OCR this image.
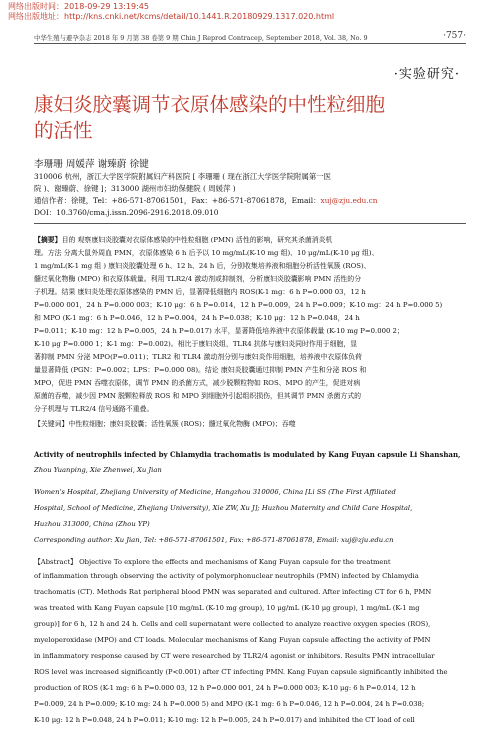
网络出版时间：2018-09-29 13:19:45
网络出版地址：http://kns.cnki.net/kcms/detail/10.1441.R.20180929.1317.020.html
中华生殖与避孕杂志 2018 年 9 月第 38 卷第 9 期 Chin J Reprod Contracep, September 2018, Vol. 38, No. 9	·757·
·实验研究·
康妇炎胶囊调节衣原体感染的中性粒细胞
的活性
李珊珊 周媛萍 谢臻蔚 徐键
310006 杭州，浙江大学医学院附属妇产科医院 [ 李珊珊 ( 现在浙江大学医学院附属第一医
院 )、谢臻蔚、徐键 ]；313000 湖州市妇幼保健院 ( 周媛萍 )
通信作者：徐键，Tel：+86-571-87061501，Fax：+86-571-87061878，Email：xuj@zju.edu.cn
DOI：10.3760/cma.j.issn.2096-2916.2018.09.010
【摘要】目的 观察康妇炎胶囊对衣原体感染的中性粒细胞 (PMN) 活性的影响，研究其杀菌消炎机
理。方法 分离大鼠外周血 PMN，衣原体感染 6 h 后予以 10 mg/mL(K-10 mg 组)、10 μg/mL(K-10 μg 组)、
1 mg/mL(K-1 mg 组 ) 康妇炎胶囊处理 6 h、12 h、24 h 后，分别收集培养液和细胞分析活性氧簇 (ROS)、
髓过氧化物酶 (MPO) 和衣原体载量。利用 TLR2/4 激动剂或抑制剂，分析康妇炎胶囊影响 PMN 活性的分
子机理。结果 康妇炎处理衣原体感染的 PMN 后，显著降低细胞内 ROS(K-1 mg：6 h P=0.000 03，12 h
P=0.000 001，24 h P=0.000 003；K-10 μg：6 h P=0.014，12 h P=0.009，24 h P=0.009；K-10 mg：24 h P=0.000 5)
和 MPO (K-1 mg：6 h P=0.046，12 h P=0.004，24 h P=0.038；K-10 μg：12 h P=0.048，24 h
P=0.011；K-10 mg：12 h P=0.005，24 h P=0.017) 水平，显著降低培养液中衣原体载量 (K-10 mg P=0.000 2；
K-10 μg P=0.000 1；K-1 mg：P=0.002)。相比于康妇炎组，TLR4 抗体与康妇炎同时作用于细胞，显
著抑制 PMN 分泌 MPO(P=0.011)；TLR2 和 TLR4 激动剂分别与康妇炎作用细胞，培养液中衣原体负荷
量显著降低 (PGN：P=0.002；LPS：P=0.000 08)。结论 康妇炎胶囊通过抑制 PMN 产生和分泌 ROS 和
MPO，促进 PMN 吞噬衣原体，调节 PMN 的杀菌方式，减少脱颗粒物如 ROS、MPO 的产生，促进对病
原菌的吞噬，减少因 PMN 脱颗粒释放 ROS 和 MPO 到细胞外引起组织损伤，但其调节 PMN 杀菌方式的
分子机理与 TLR2/4 信号通路不重叠。
【关键词】中性粒细胞；康妇炎胶囊；活性氧簇 (ROS)；髓过氧化物酶 (MPO)；吞噬
Activity of neutrophils infected by Chlamydia trachomatis is modulated by Kang Fuyan capsule Li Shanshan,
Zhou Yuanping, Xie Zhenwei, Xu Jian
Women's Hospital, Zhejiang University of Medicine, Hangzhou 310006, China [Li SS (The First Affiliated
Hospital, School of Medicine, Zhejiang University), Xie ZW, Xu J]; Huzhou Maternity and Child Care Hospital,
Huzhou 313000, China (Zhou YP)
Corresponding author: Xu Jian, Tel: +86-571-87061501, Fax: +86-571-87061878, Email: xuj@zju.edu.cn
【Abstract】 Objective To explore the effects and mechanisms of Kang Fuyan capsule for the treatment
of inflammation through observing the activity of polymorphonuclear neutrophils (PMN) infected by Chlamydia
trachomatis (CT). Methods Rat peripheral blood PMN was separated and cultured. After infecting CT for 6 h, PMN
was treated with Kang Fuyan capsule [10 mg/mL (K-10 mg group), 10 μg/mL (K-10 μg group), 1 mg/mL (K-1 mg
group)] for 6 h, 12 h and 24 h. Cells and cell supernatant were collected to analyze reactive oxygen species (ROS),
myeloperoxidase (MPO) and CT loads. Molecular mechanisms of Kang Fuyan capsule affecting the activity of PMN
in inflammatory response caused by CT were researched by TLR2/4 agonist or inhibitors. Results PMN intracellular
ROS level was increased significantly (P<0.001) after CT infecting PMN. Kang Fuyan capsule significantly inhibited the
production of ROS (K-1 mg: 6 h P=0.000 03, 12 h P=0.000 001, 24 h P=0.000 003; K-10 μg: 6 h P=0.014, 12 h
P=0.009, 24 h P=0.009; K-10 mg: 24 h P=0.000 5) and MPO (K-1 mg: 6 h P=0.046, 12 h P=0.004, 24 h P=0.038;
K-10 μg: 12 h P=0.048, 24 h P=0.011; K-10 mg: 12 h P=0.005, 24 h P=0.017) and inhibited the CT load of cell
